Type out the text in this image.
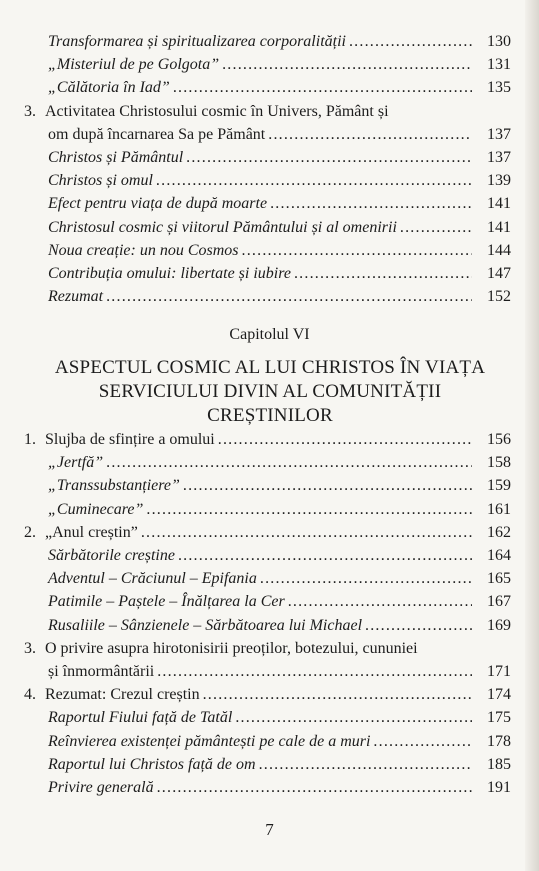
Transformarea și spiritualizarea corporalității .....	130
„Misteriul de pe Golgota” .....	131
„Călătoria în Iad” .....	135
3. Activitatea Christosului cosmic în Univers, Pământ și
om după încarnarea Sa pe Pământ .....	137
Christos și Pământul .....	137
Christos și omul .....	139
Efect pentru viața de după moarte .....	141
Christosul cosmic și viitorul Pământului și al omenirii .....	141
Noua creație: un nou Cosmos .....	144
Contribuția omului: libertate și iubire .....	147
Rezumat .....	152
Capitolul VI
ASPECTUL COSMIC AL LUI CHRISTOS ÎN VIAȚA
SERVICIULUI DIVIN AL COMUNITĂȚII
CREȘTINILOR
1. Slujba de sfințire a omului .....	156
„Jertfă” .....	158
„Transsubstanțiere” .....	159
„Cuminecare” .....	161
2. „Anul creștin” .....	162
Sărbătorile creștine .....	164
Adventul – Crăciunul – Epifania .....	165
Patimile – Paștele – Înălțarea la Cer .....	167
Rusaliile – Sânzienele – Sărbătoarea lui Michael .....	169
3. O privire asupra hirotonisirii preoților, botezului, cununiei
și înmormântării .....	171
4. Rezumat: Crezul creștin .....	174
Raportul Fiului față de Tatăl .....	175
Reînvierea existenței pământești pe cale de a muri .....	178
Raportul lui Christos față de om .....	185
Privire generală .....	191
7
